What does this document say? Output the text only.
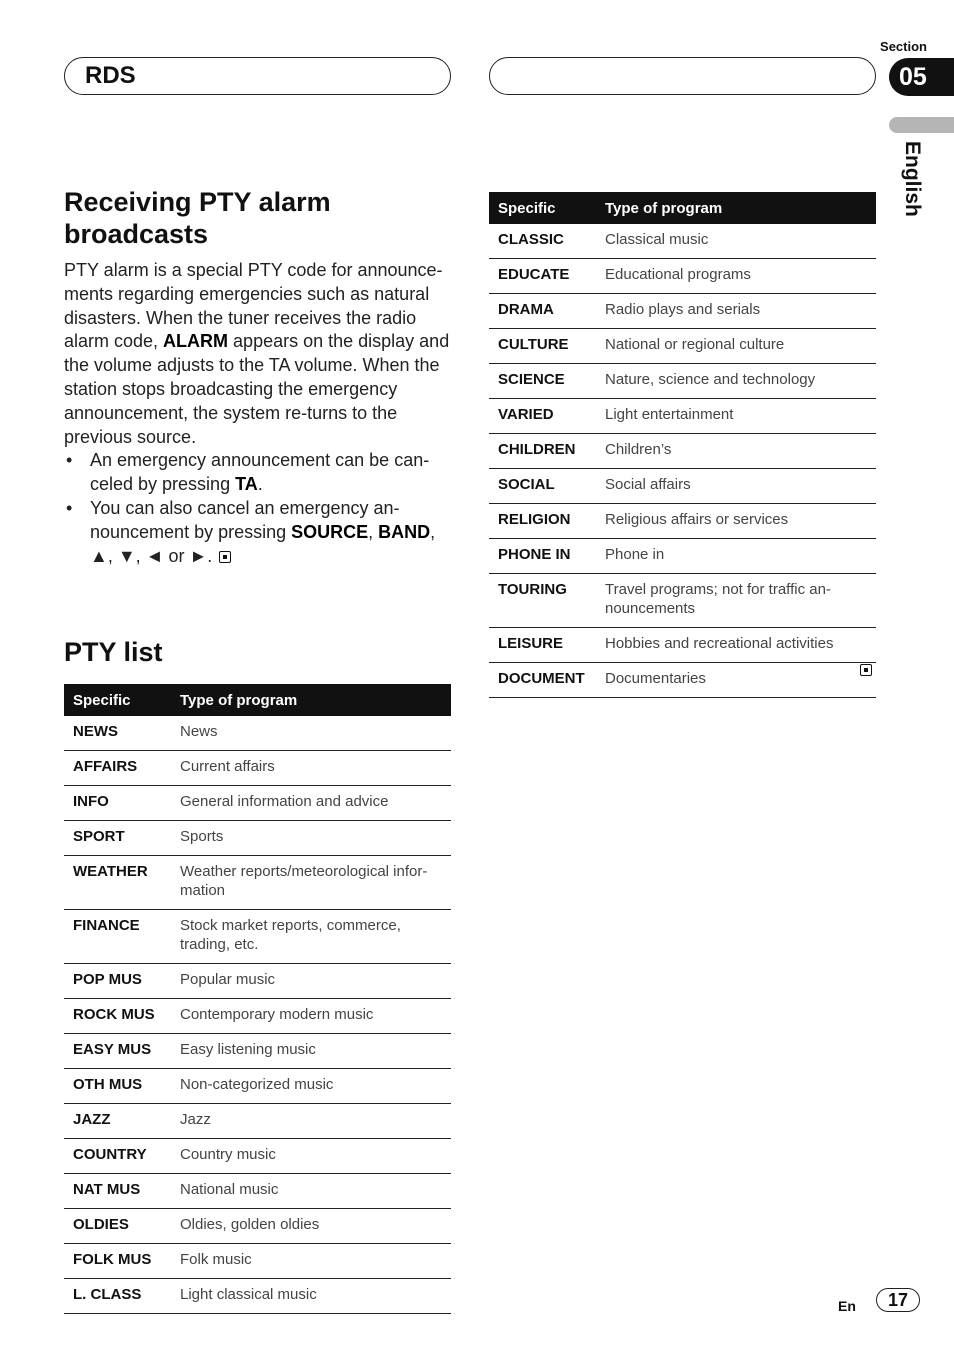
RDS
Section
05
English
Receiving PTY alarm broadcasts

PTY alarm is a special PTY code for announce-ments regarding emergencies such as natural disasters. When the tuner receives the radio alarm code, ALARM appears on the display and the volume adjusts to the TA volume. When the station stops broadcasting the emergency announcement, the system re-turns to the previous source.

• An emergency announcement can be can-celed by pressing TA.
• You can also cancel an emergency an-nouncement by pressing SOURCE, BAND, ▲, ▼, ◄ or ►.
PTY list
Specific	Type of program
NEWS	News
AFFAIRS	Current affairs
INFO	General information and advice
SPORT	Sports
WEATHER	Weather reports/meteorological infor-mation
FINANCE	Stock market reports, commerce, trading, etc.
POP MUS	Popular music
ROCK MUS	Contemporary modern music
EASY MUS	Easy listening music
OTH MUS	Non-categorized music
JAZZ	Jazz
COUNTRY	Country music
NAT MUS	National music
OLDIES	Oldies, golden oldies
FOLK MUS	Folk music
L. CLASS	Light classical music
Specific	Type of program
CLASSIC	Classical music
EDUCATE	Educational programs
DRAMA	Radio plays and serials
CULTURE	National or regional culture
SCIENCE	Nature, science and technology
VARIED	Light entertainment
CHILDREN	Children’s
SOCIAL	Social affairs
RELIGION	Religious affairs or services
PHONE IN	Phone in
TOURING	Travel programs; not for traffic an-nouncements
LEISURE	Hobbies and recreational activities
DOCUMENT	Documentaries
En	17
